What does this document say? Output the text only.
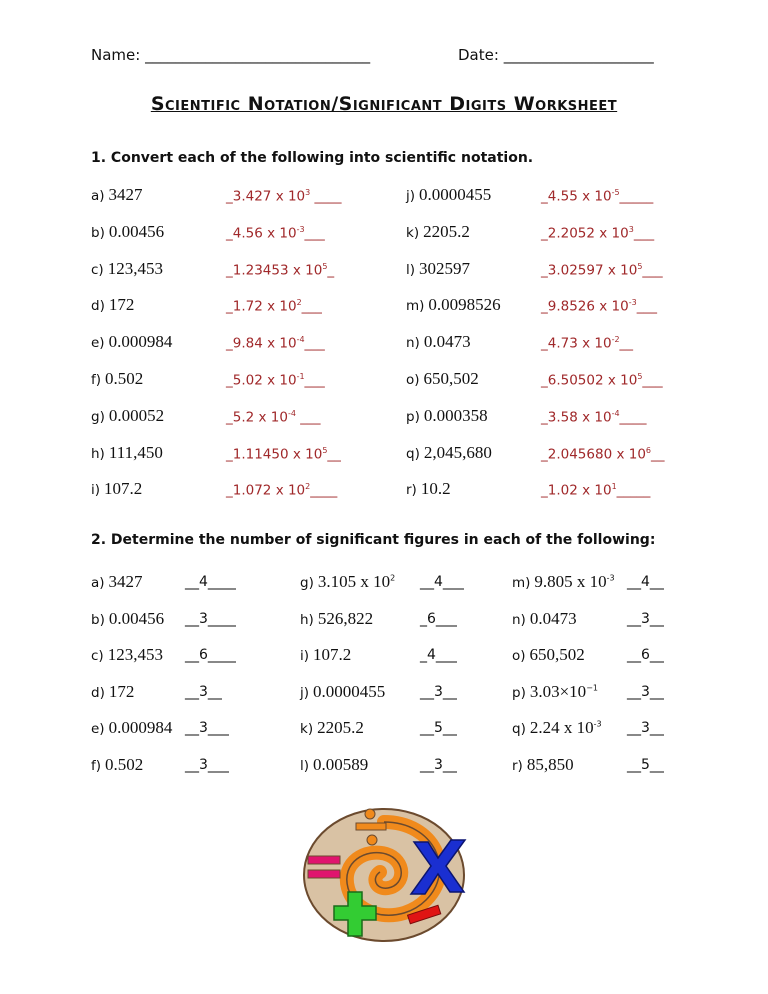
Name: ______________________________	Date: ____________________
Scientific Notation/Significant Digits Worksheet
1. Convert each of the following into scientific notation.
a) 3427	_3.427 x $10^3$ ____
b) 0.00456	_4.56 x $10^{-3}\_\_\_$
c) 123,453	_1.23453 x $10^5\_$
d) 172	_1.72 x $10^2\_\_\_$
e) 0.000984	_9.84 x $10^{-4}\_\_\_$
f) 0.502	_5.02 x $10^{-1}\_\_\_$
g) 0.00052	_5.2 x $10^{-4}$ ___
h) 111,450	_1.11450 x $10^5\_\_$
i) 107.2	_1.072 x $10^2\_\_\_\_$
j) 0.0000455	_4.55 x $10^{-5}\_\_\_\_\_$
k) 2205.2	_2.2052 x $10^3\_\_\_$
l) 302597	_3.02597 x $10^5\_\_\_$
m) 0.0098526	_9.8526 x $10^{-3}\_\_\_$
n) 0.0473	_4.73 x $10^{-2}\_\_$
o) 650,502	_6.50502 x $10^5\_\_\_$
p) 0.000358	_3.58 x $10^{-4}\_\_\_\_$
q) 2,045,680	_2.045680 x $10^6\_\_$
r) 10.2	_1.02 x $10^1\_\_\_\_\_$
2. Determine the number of significant figures in each of the following:
a) 3427	__4____
b) 0.00456 __3____
c) 123,453 __6____
d) 172	__3__
e) 0.000984 __3___
f) 0.502	__3___
g) 3.105 x $10^2$ __4___
h) 526,822	_6___
i) 107.2	_4___
j) 0.0000455 __3__
k) 2205.2	__5__
l) 0.00589	__3__
m) 9.805 x $10^{-3}$ __4__
n) 0.0473	__3__
o) 650,502	__6__
p) $3.03\times 10^{-1}$ __3__
q) 2.24 x $10^{-3}$ __3__
r) 85,850	__5__
